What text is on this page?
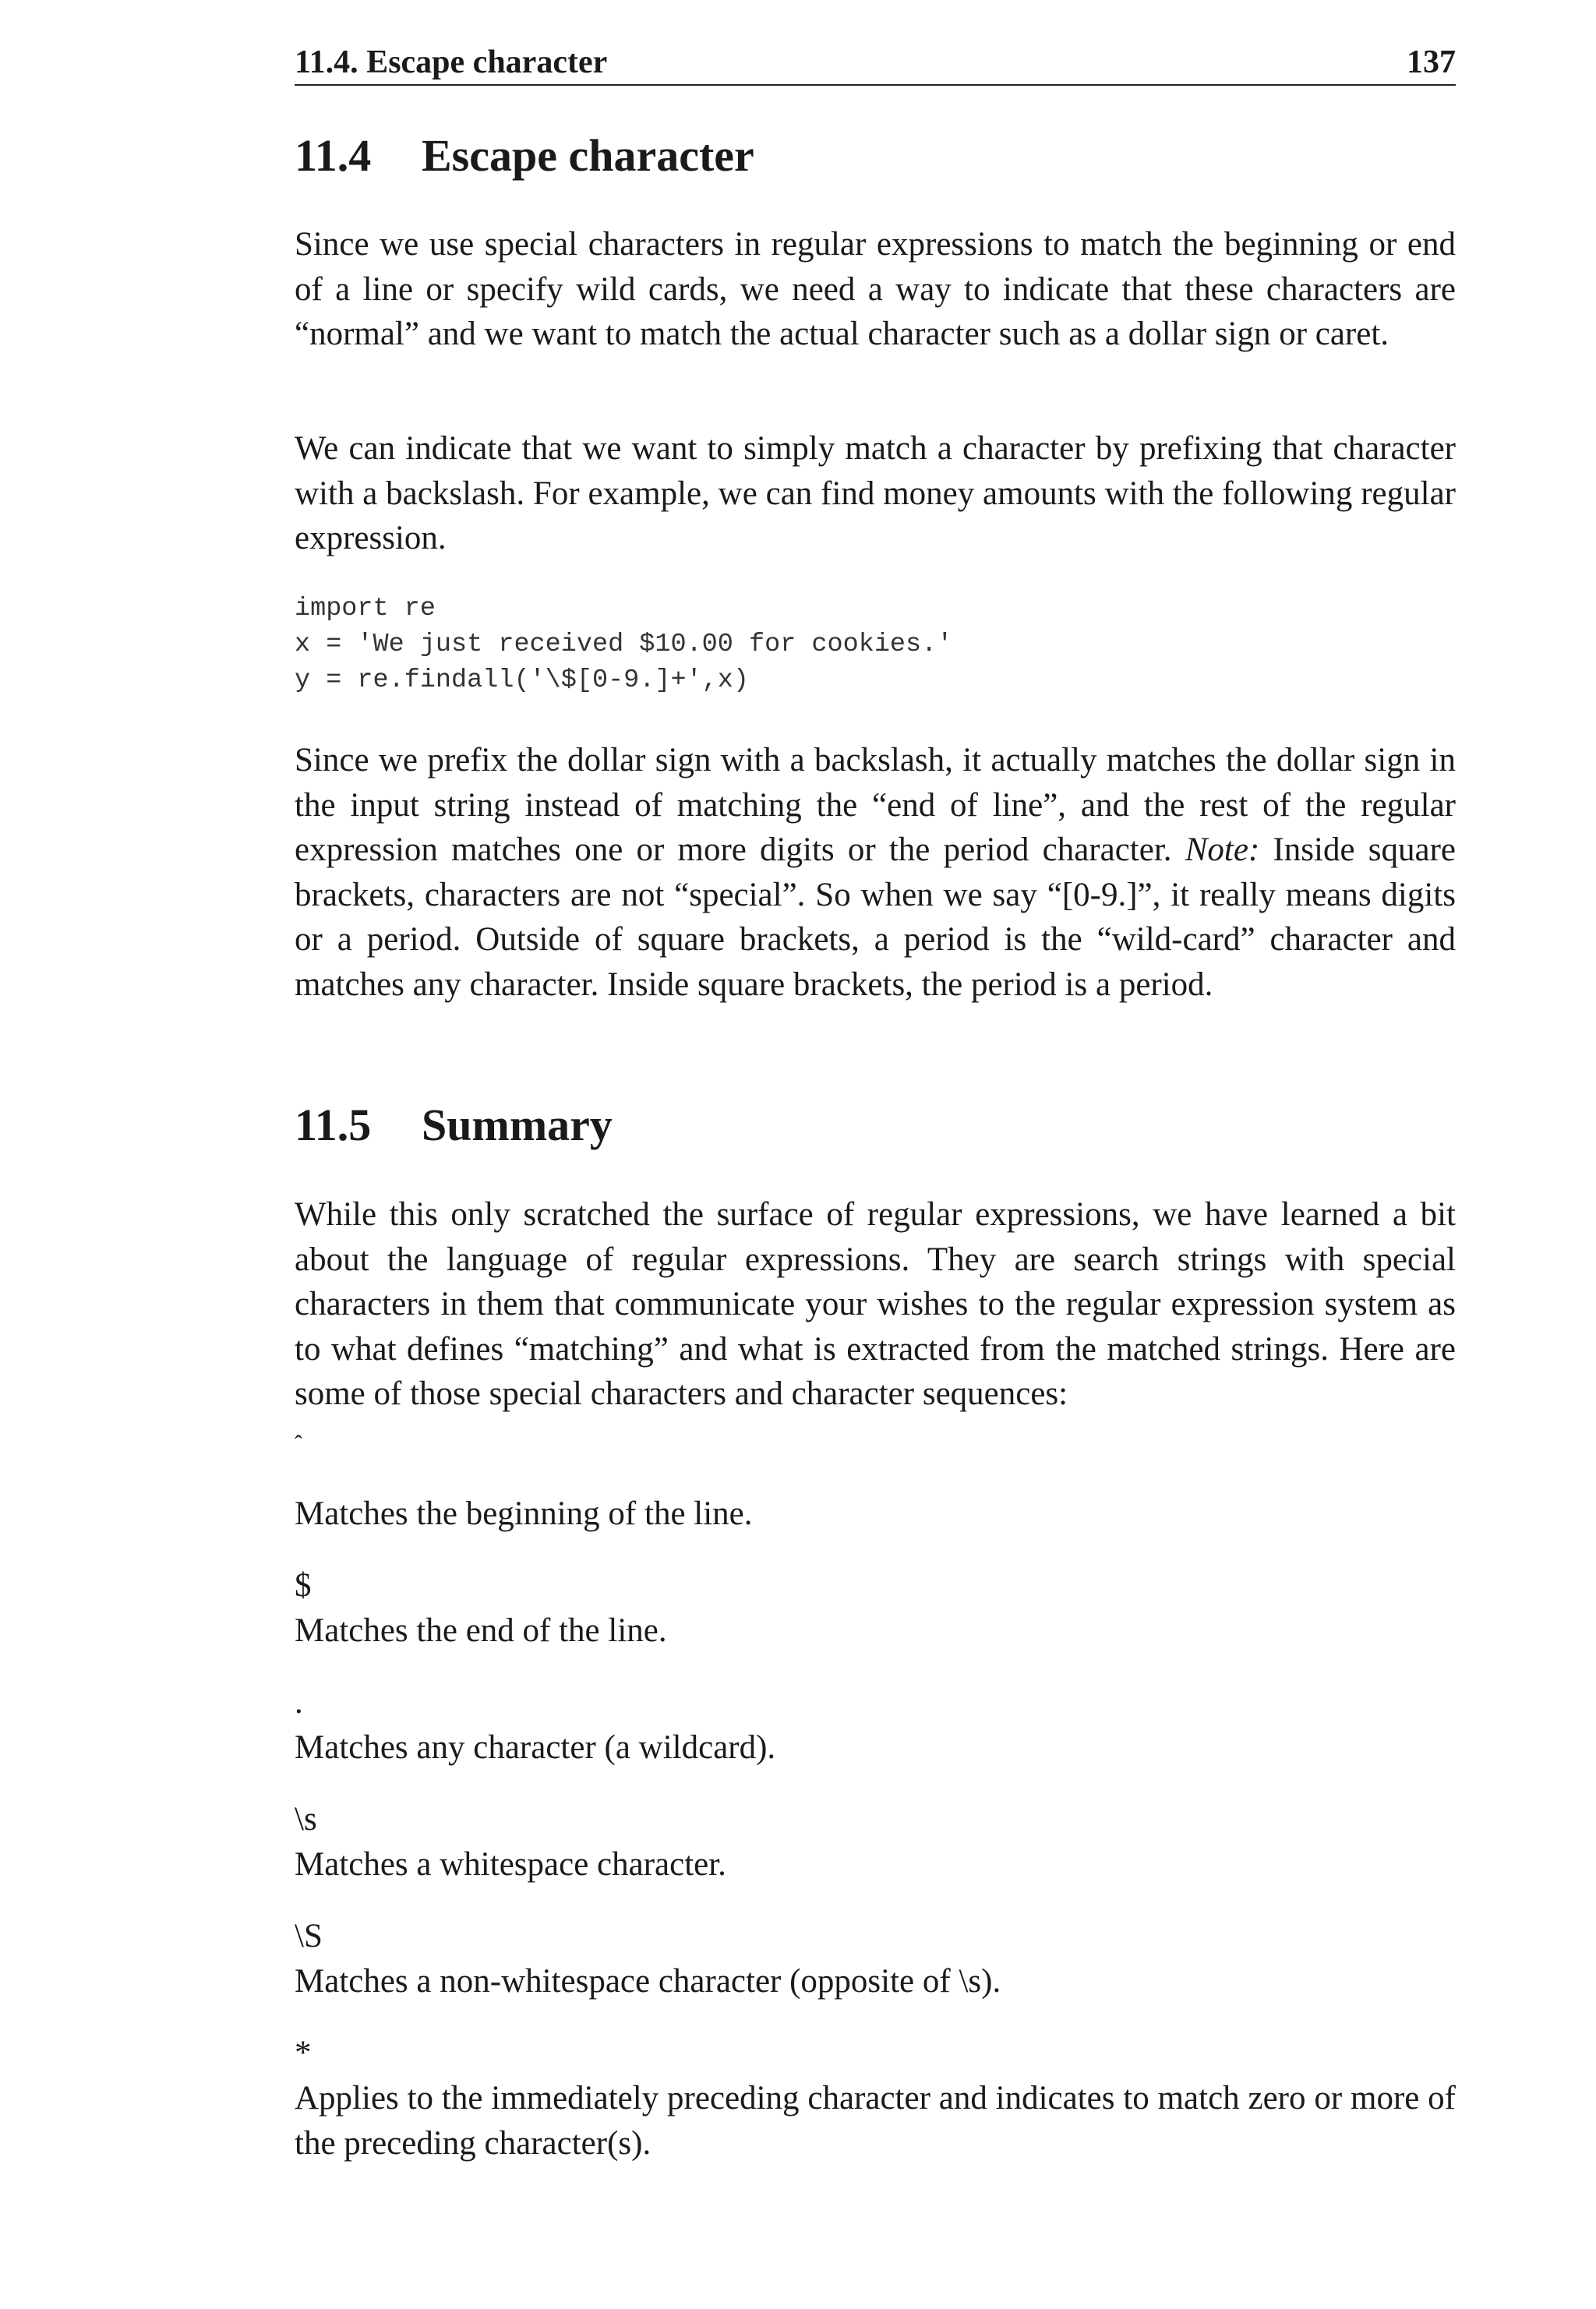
11.4. Escape character	137
11.4 Escape character

Since we use special characters in regular expressions to match the beginning or end of a line or specify wild cards, we need a way to indicate that these characters are “normal” and we want to match the actual character such as a dollar sign or caret.

We can indicate that we want to simply match a character by prefixing that character with a backslash. For example, we can find money amounts with the following regular expression.

import re
x = 'We just received $10.00 for cookies.'
y = re.findall('\$[0-9.]+',x)

Since we prefix the dollar sign with a backslash, it actually matches the dollar sign in the input string instead of matching the “end of line”, and the rest of the regular expression matches one or more digits or the period character. Note: Inside square brackets, characters are not “special”. So when we say “[0-9.]”, it really means digits or a period. Outside of square brackets, a period is the “wild-card” character and matches any character. Inside square brackets, the period is a period.

11.5 Summary

While this only scratched the surface of regular expressions, we have learned a bit about the language of regular expressions. They are search strings with special characters in them that communicate your wishes to the regular expression system as to what defines “matching” and what is extracted from the matched strings. Here are some of those special characters and character sequences:

ˆ

Matches the beginning of the line.

$

Matches the end of the line.

.

Matches any character (a wildcard).

\s

Matches a whitespace character.

\S

Matches a non-whitespace character (opposite of \s).

*

Applies to the immediately preceding character and indicates to match zero or more of the preceding character(s).
